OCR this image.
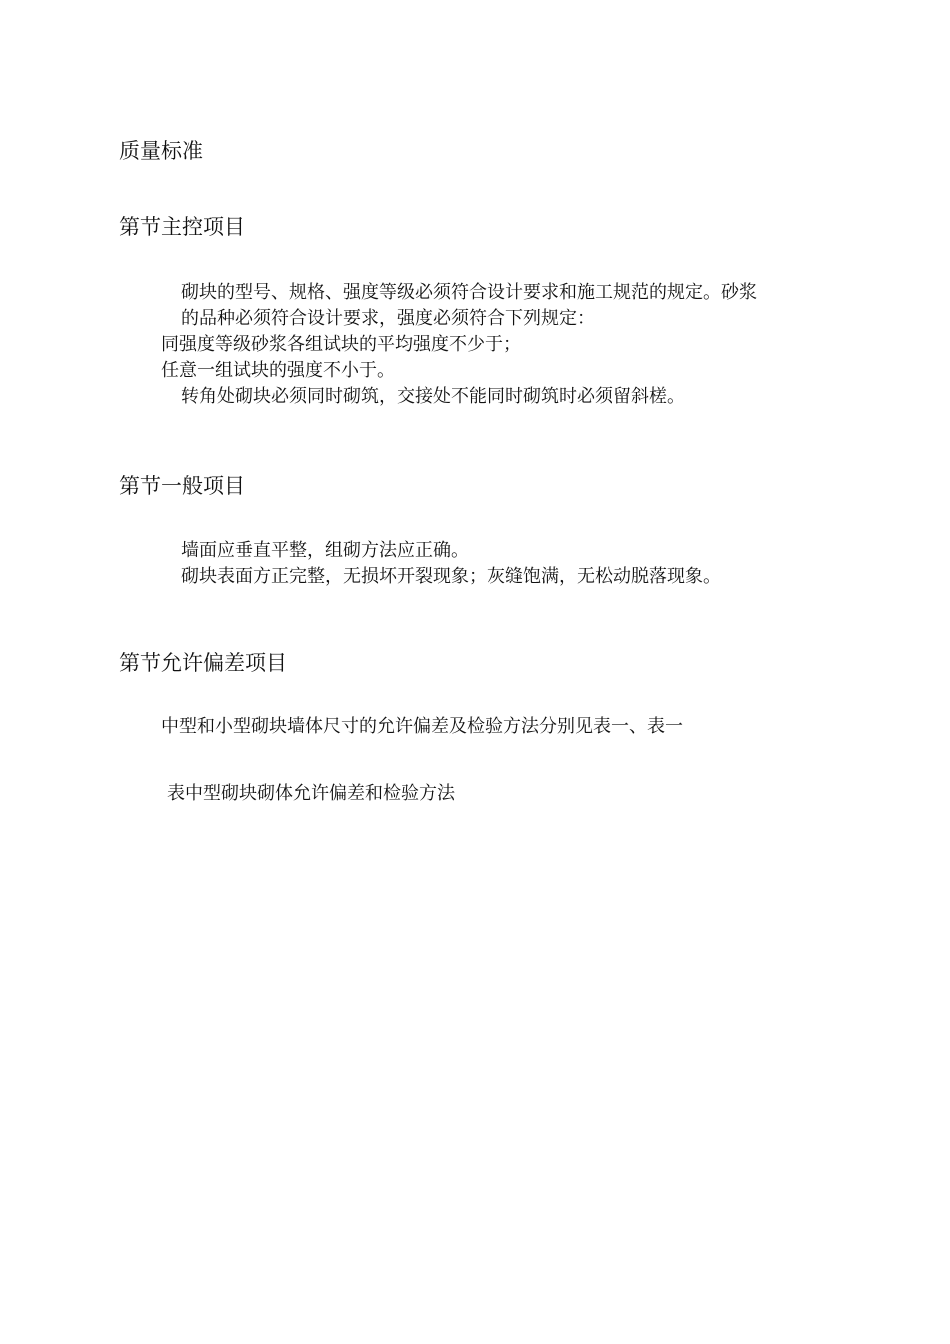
质量标准
第节主控项目
砌块的型号、规格、强度等级必须符合设计要求和施工规范的规定。砂浆
的品种必须符合设计要求，强度必须符合下列规定：
同强度等级砂浆各组试块的平均强度不少于；
任意一组试块的强度不小于。
转角处砌块必须同时砌筑，交接处不能同时砌筑时必须留斜槎。
第节一般项目
墙面应垂直平整，组砌方法应正确。
砌块表面方正完整，无损坏开裂现象；灰缝饱满，无松动脱落现象。
第节允许偏差项目
中型和小型砌块墙体尺寸的允许偏差及检验方法分别见表一、表一
表中型砌块砌体允许偏差和检验方法
